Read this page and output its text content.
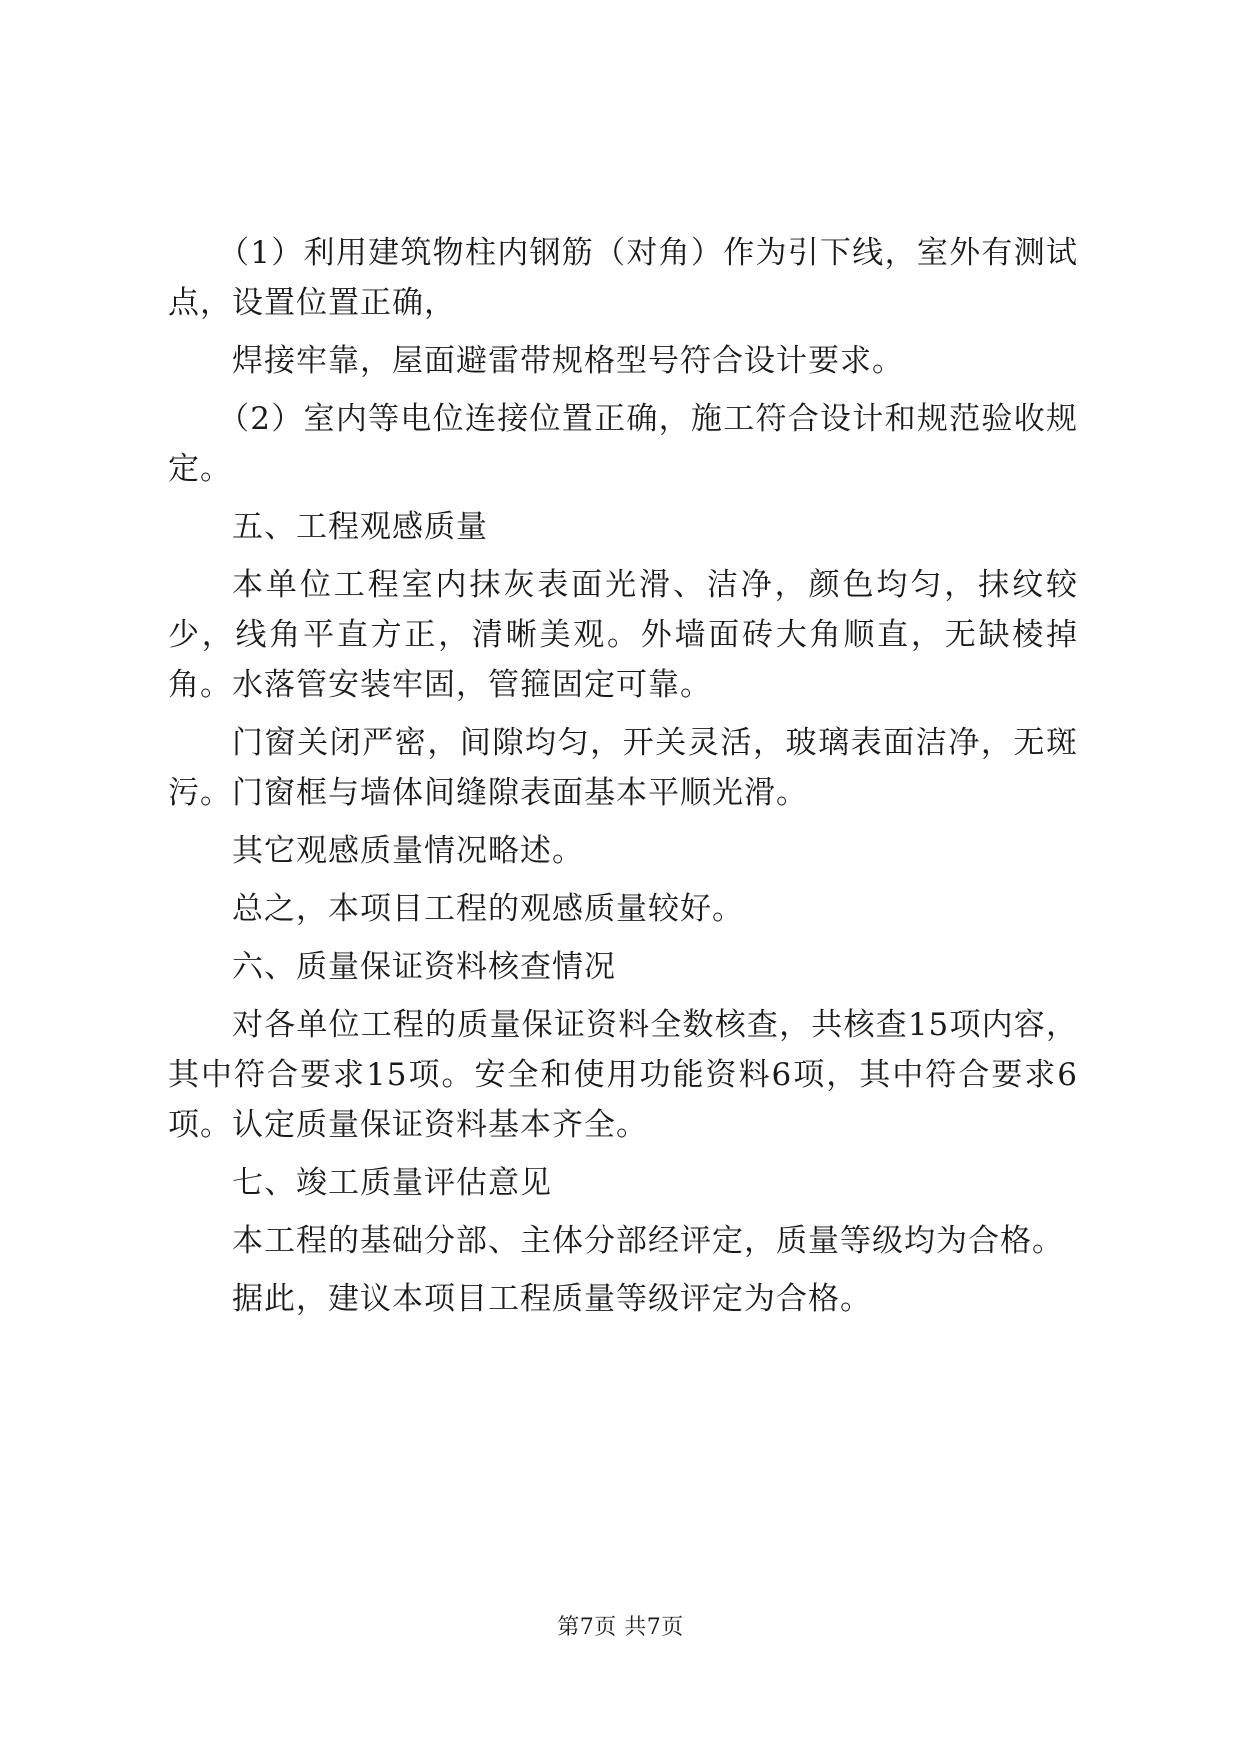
（1）利用建筑物柱内钢筋（对角）作为引下线，室外有测试点，设置位置正确，

焊接牢靠，屋面避雷带规格型号符合设计要求。

（2）室内等电位连接位置正确，施工符合设计和规范验收规定。

五、工程观感质量

本单位工程室内抹灰表面光滑、洁净，颜色均匀，抹纹较少，线角平直方正，清晰美观。外墙面砖大角顺直，无缺棱掉角。水落管安装牢固，管箍固定可靠。

门窗关闭严密，间隙均匀，开关灵活，玻璃表面洁净，无斑污。门窗框与墙体间缝隙表面基本平顺光滑。

其它观感质量情况略述。

总之，本项目工程的观感质量较好。

六、质量保证资料核查情况

对各单位工程的质量保证资料全数核查，共核查15项内容，其中符合要求15项。安全和使用功能资料6项，其中符合要求6项。认定质量保证资料基本齐全。

七、竣工质量评估意见

本工程的基础分部、主体分部经评定，质量等级均为合格。

据此，建议本项目工程质量等级评定为合格。

第7页 共7页
